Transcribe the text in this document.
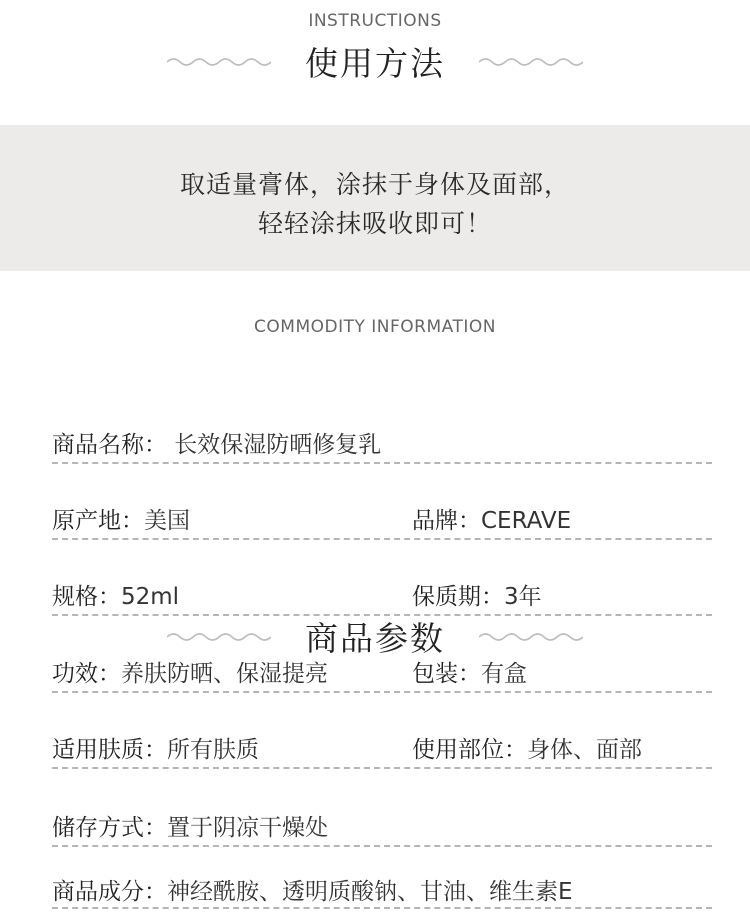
INSTRUCTIONS
使用方法
取适量膏体，涂抹于身体及面部，
轻轻涂抹吸收即可！
COMMODITY INFORMATION
商品参数
商品名称： 长效保湿防晒修复乳
原产地：美国	品牌：CERAVE
规格：52ml	保质期：3年
功效：养肤防晒、保湿提亮	包装：有盒
适用肤质：所有肤质	使用部位：身体、面部
储存方式：置于阴凉干燥处
商品成分：神经酰胺、透明质酸钠、甘油、维生素E
